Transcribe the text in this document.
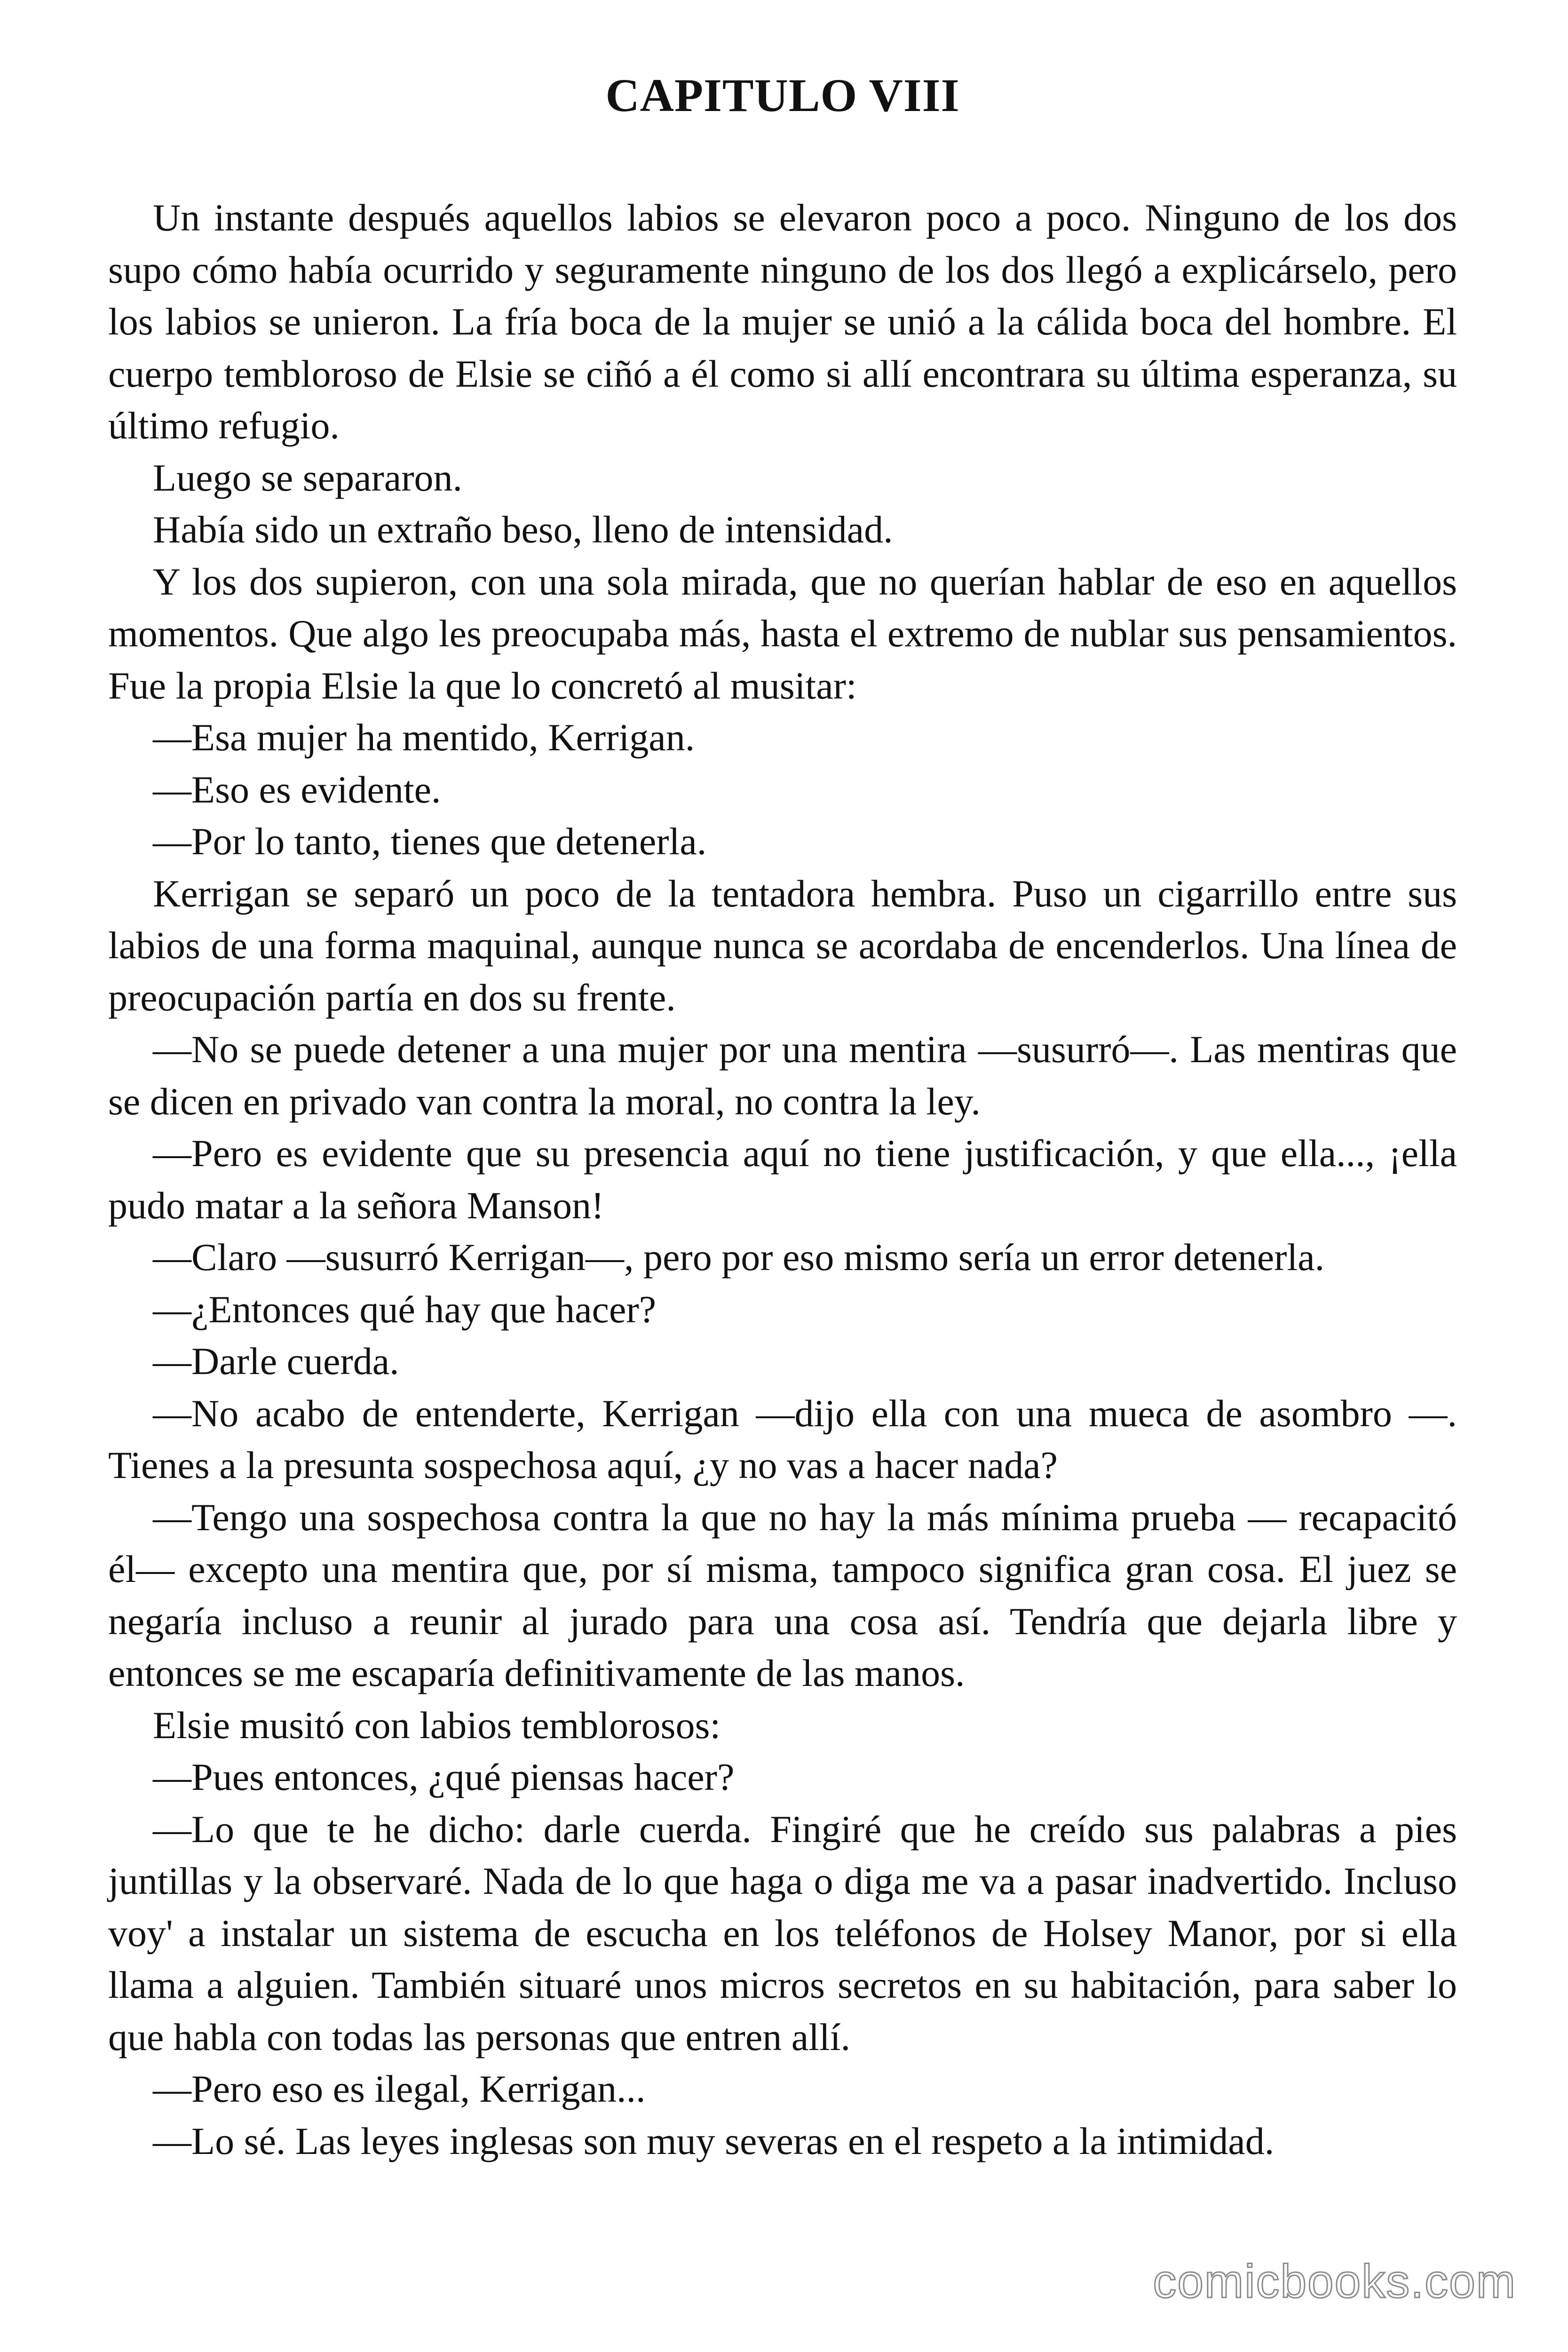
CAPITULO VIII

Un instante después aquellos labios se elevaron poco a poco. Ninguno de los dos supo cómo había ocurrido y seguramente ninguno de los dos llegó a explicárselo, pero los labios se unieron. La fría boca de la mujer se unió a la cálida boca del hombre. El cuerpo tembloroso de Elsie se ciñó a él como si allí encontrara su última esperanza, su último refugio.

Luego se separaron.

Había sido un extraño beso, lleno de intensidad.

Y los dos supieron, con una sola mirada, que no querían hablar de eso en aquellos momentos. Que algo les preocupaba más, hasta el extremo de nublar sus pensamientos. Fue la propia Elsie la que lo concretó al musitar:

—Esa mujer ha mentido, Kerrigan.

—Eso es evidente.

—Por lo tanto, tienes que detenerla.

Kerrigan se separó un poco de la tentadora hembra. Puso un cigarrillo entre sus labios de una forma maquinal, aunque nunca se acordaba de encenderlos. Una línea de preocupación partía en dos su frente.

—No se puede detener a una mujer por una mentira —susurró—. Las mentiras que se dicen en privado van contra la moral, no contra la ley.

—Pero es evidente que su presencia aquí no tiene justificación, y que ella..., ¡ella pudo matar a la señora Manson!

—Claro —susurró Kerrigan—, pero por eso mismo sería un error detenerla.

—¿Entonces qué hay que hacer?

—Darle cuerda.

—No acabo de entenderte, Kerrigan —dijo ella con una mueca de asombro —. Tienes a la presunta sospechosa aquí, ¿y no vas a hacer nada?

—Tengo una sospechosa contra la que no hay la más mínima prueba — recapacitó él— excepto una mentira que, por sí misma, tampoco significa gran cosa. El juez se negaría incluso a reunir al jurado para una cosa así. Tendría que dejarla libre y entonces se me escaparía definitivamente de las manos.

Elsie musitó con labios temblorosos:

—Pues entonces, ¿qué piensas hacer?

—Lo que te he dicho: darle cuerda. Fingiré que he creído sus palabras a pies juntillas y la observaré. Nada de lo que haga o diga me va a pasar inadvertido. Incluso voy' a instalar un sistema de escucha en los teléfonos de Holsey Manor, por si ella llama a alguien. También situaré unos micros secretos en su habitación, para saber lo que habla con todas las personas que entren allí.

—Pero eso es ilegal, Kerrigan...

—Lo sé. Las leyes inglesas son muy severas en el respeto a la intimidad.

comicbooks.com
